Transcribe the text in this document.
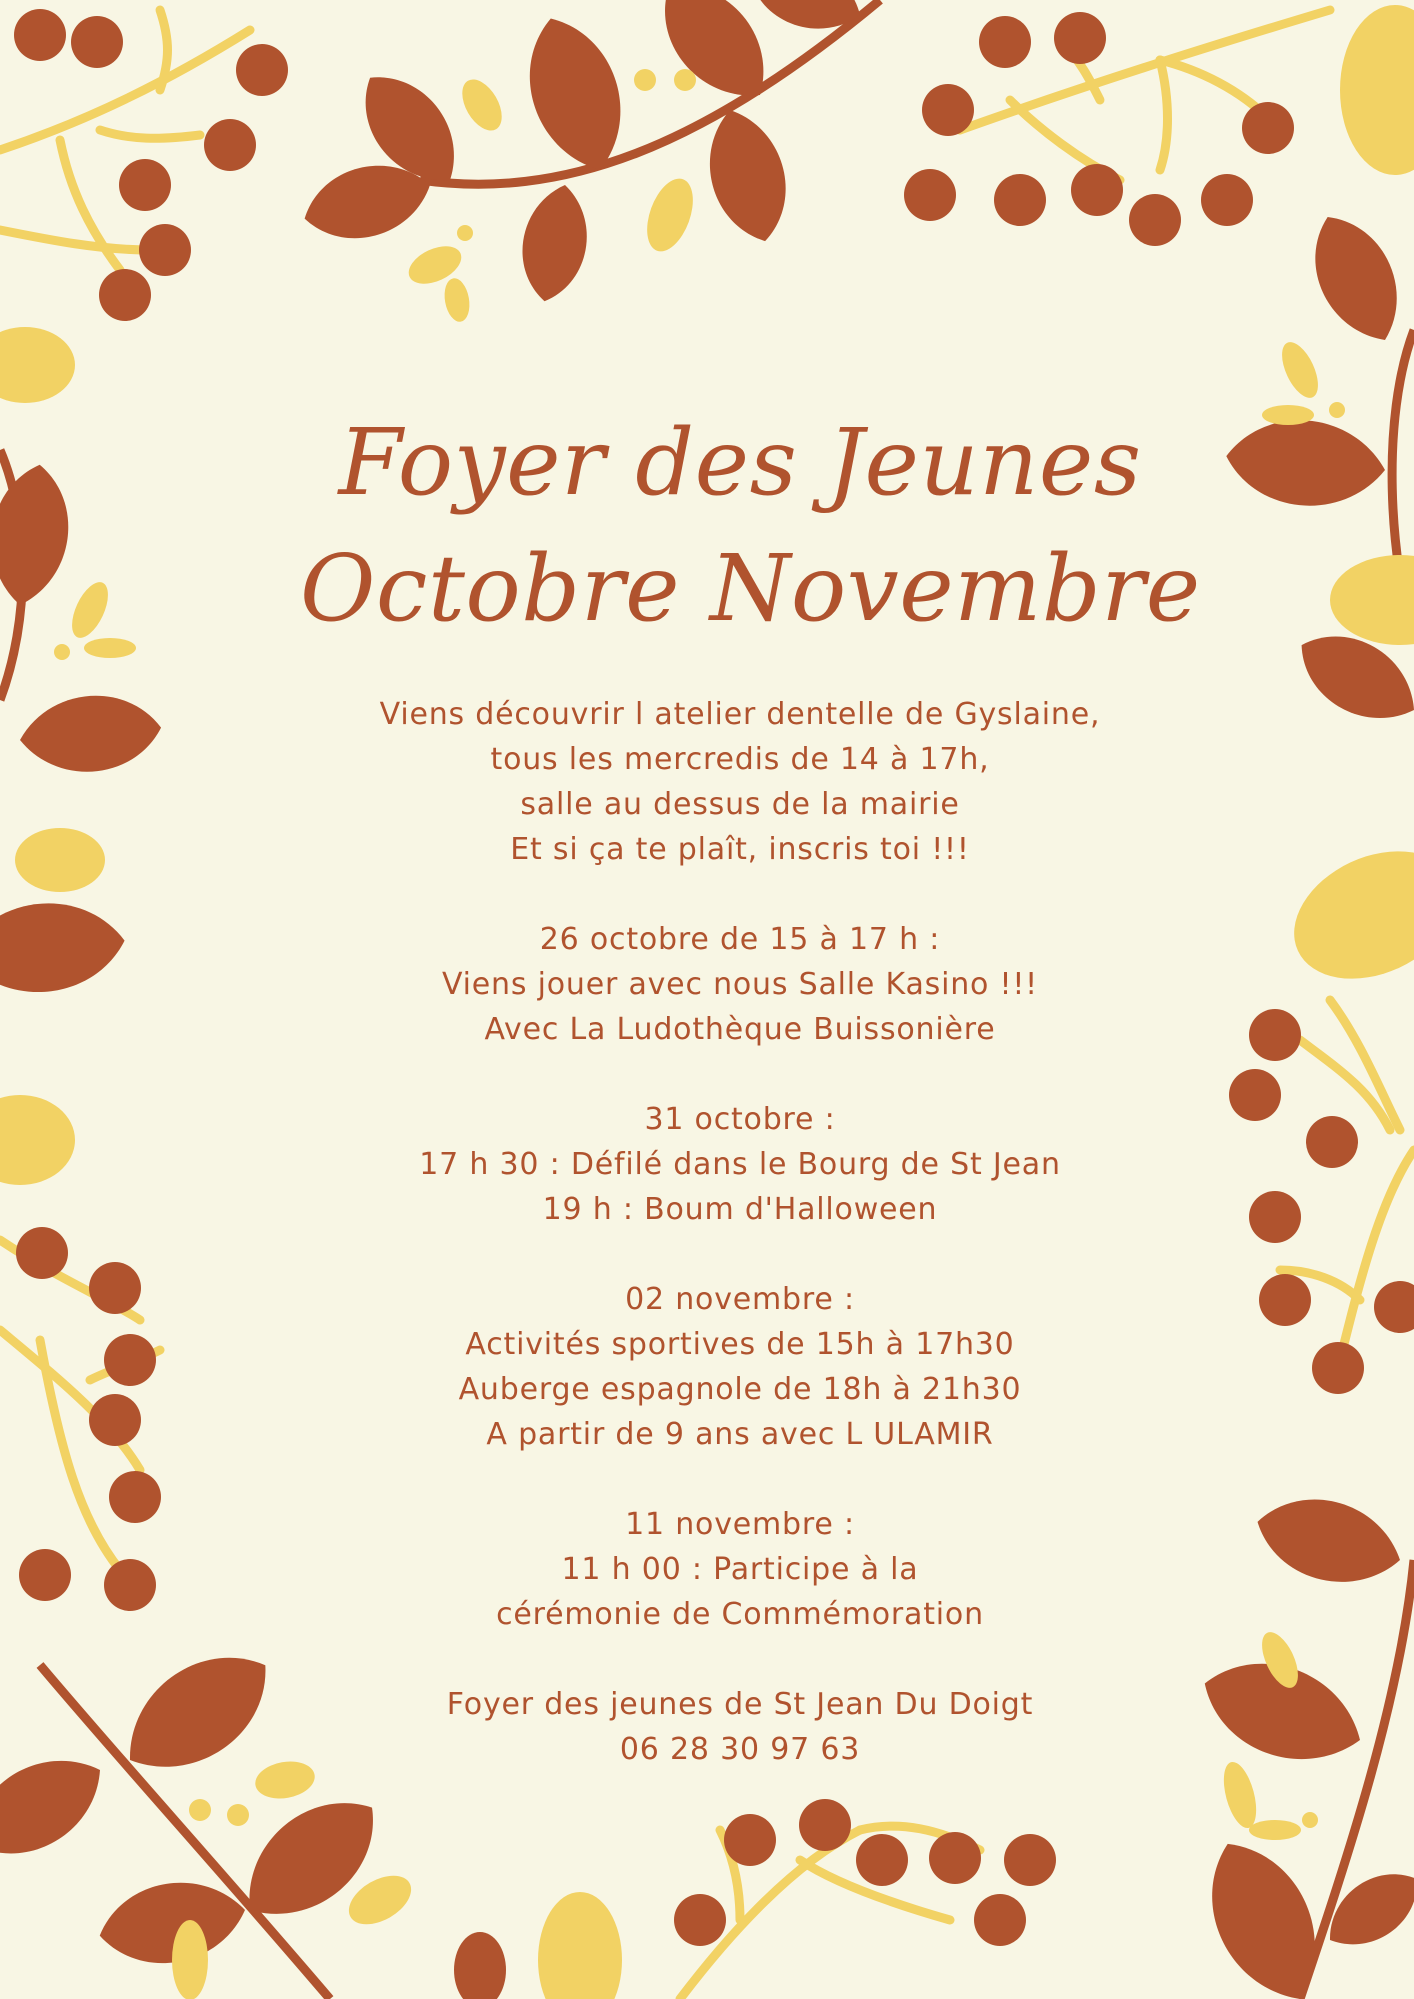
Foyer des Jeunes
Octobre Novembre
Viens découvrir l atelier dentelle de Gyslaine,
tous les mercredis de 14 à 17h,
salle au dessus de la mairie
Et si ça te plaît, inscris toi !!!
26 octobre de 15 à 17 h :
Viens jouer avec nous Salle Kasino !!!
Avec La Ludothèque Buissonière
31 octobre :
17 h 30 : Défilé dans le Bourg de St Jean
19 h : Boum d'Halloween
02 novembre :
Activités sportives de 15h à 17h30
Auberge espagnole de 18h à 21h30
A partir de 9 ans avec L ULAMIR
11 novembre :
11 h 00 : Participe à la
cérémonie de Commémoration
Foyer des jeunes de St Jean Du Doigt
06 28 30 97 63
